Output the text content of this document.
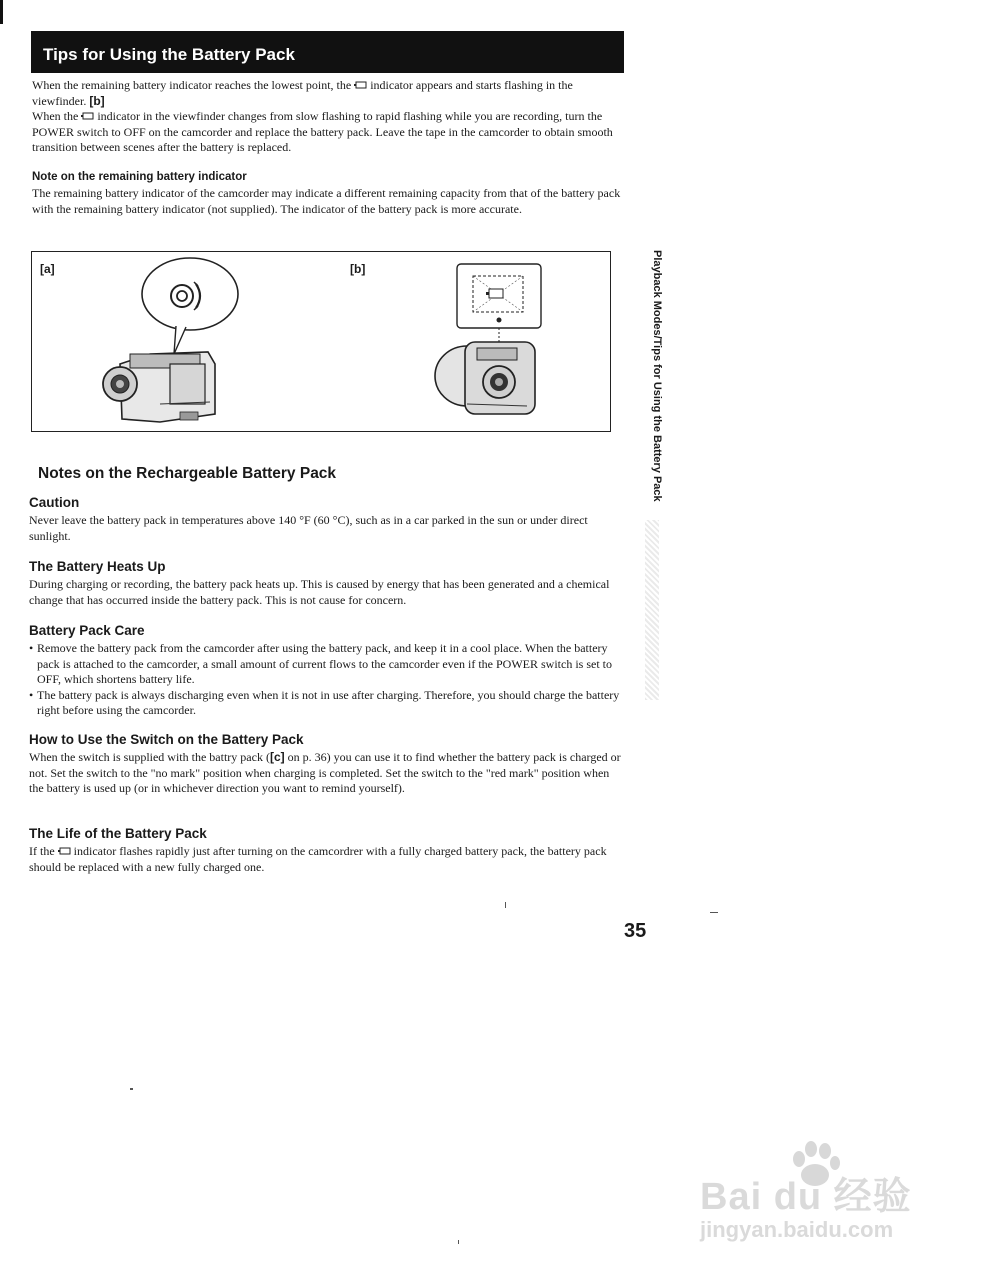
Tips for Using the Battery Pack

When the remaining battery indicator reaches the lowest point, the  indicator appears and starts flashing in the viewfinder. [b]

When the  indicator in the viewfinder changes from slow flashing to rapid flashing while you are recording, turn the POWER switch to OFF on the camcorder and replace the battery pack. Leave the tape in the camcorder to obtain smooth transition between scenes after the battery is replaced.

Note on the remaining battery indicator

The remaining battery indicator of the camcorder may indicate a different remaining capacity from that of the battery pack with the remaining battery indicator (not supplied). The indicator of the battery pack is more accurate.

[a]	[b]
Notes on the Rechargeable Battery Pack
Caution

Never leave the battery pack in temperatures above 140 °F (60 °C), such as in a car parked in the sun or under direct sunlight.

The Battery Heats Up

During charging or recording, the battery pack heats up. This is caused by energy that has been generated and a chemical change that has occurred inside the battery pack. This is not cause for concern.

Battery Pack Care
• Remove the battery pack from the camcorder after using the battery pack, and keep it in a cool place. When the battery pack is attached to the camcorder, a small amount of current flows to the camcorder even if the POWER switch is set to OFF, which shortens battery life.
• The battery pack is always discharging even when it is not in use after charging. Therefore, you should charge the battery right before using the camcorder.
How to Use the Switch on the Battery Pack

When the switch is supplied with the battry pack ([c] on p. 36) you can use it to find whether the battery pack is charged or not. Set the switch to the "no mark" position when charging is completed. Set the switch to the "red mark" position when the battery is used up (or in whichever direction you want to remind yourself).

The Life of the Battery Pack

If the  indicator flashes rapidly just after turning on the camcordrer with a fully charged battery pack, the battery pack should be replaced with a new fully charged one.

Playback Modes/Tips for Using the Battery Pack
35
Bai du 经验
jingyan.baidu.com
